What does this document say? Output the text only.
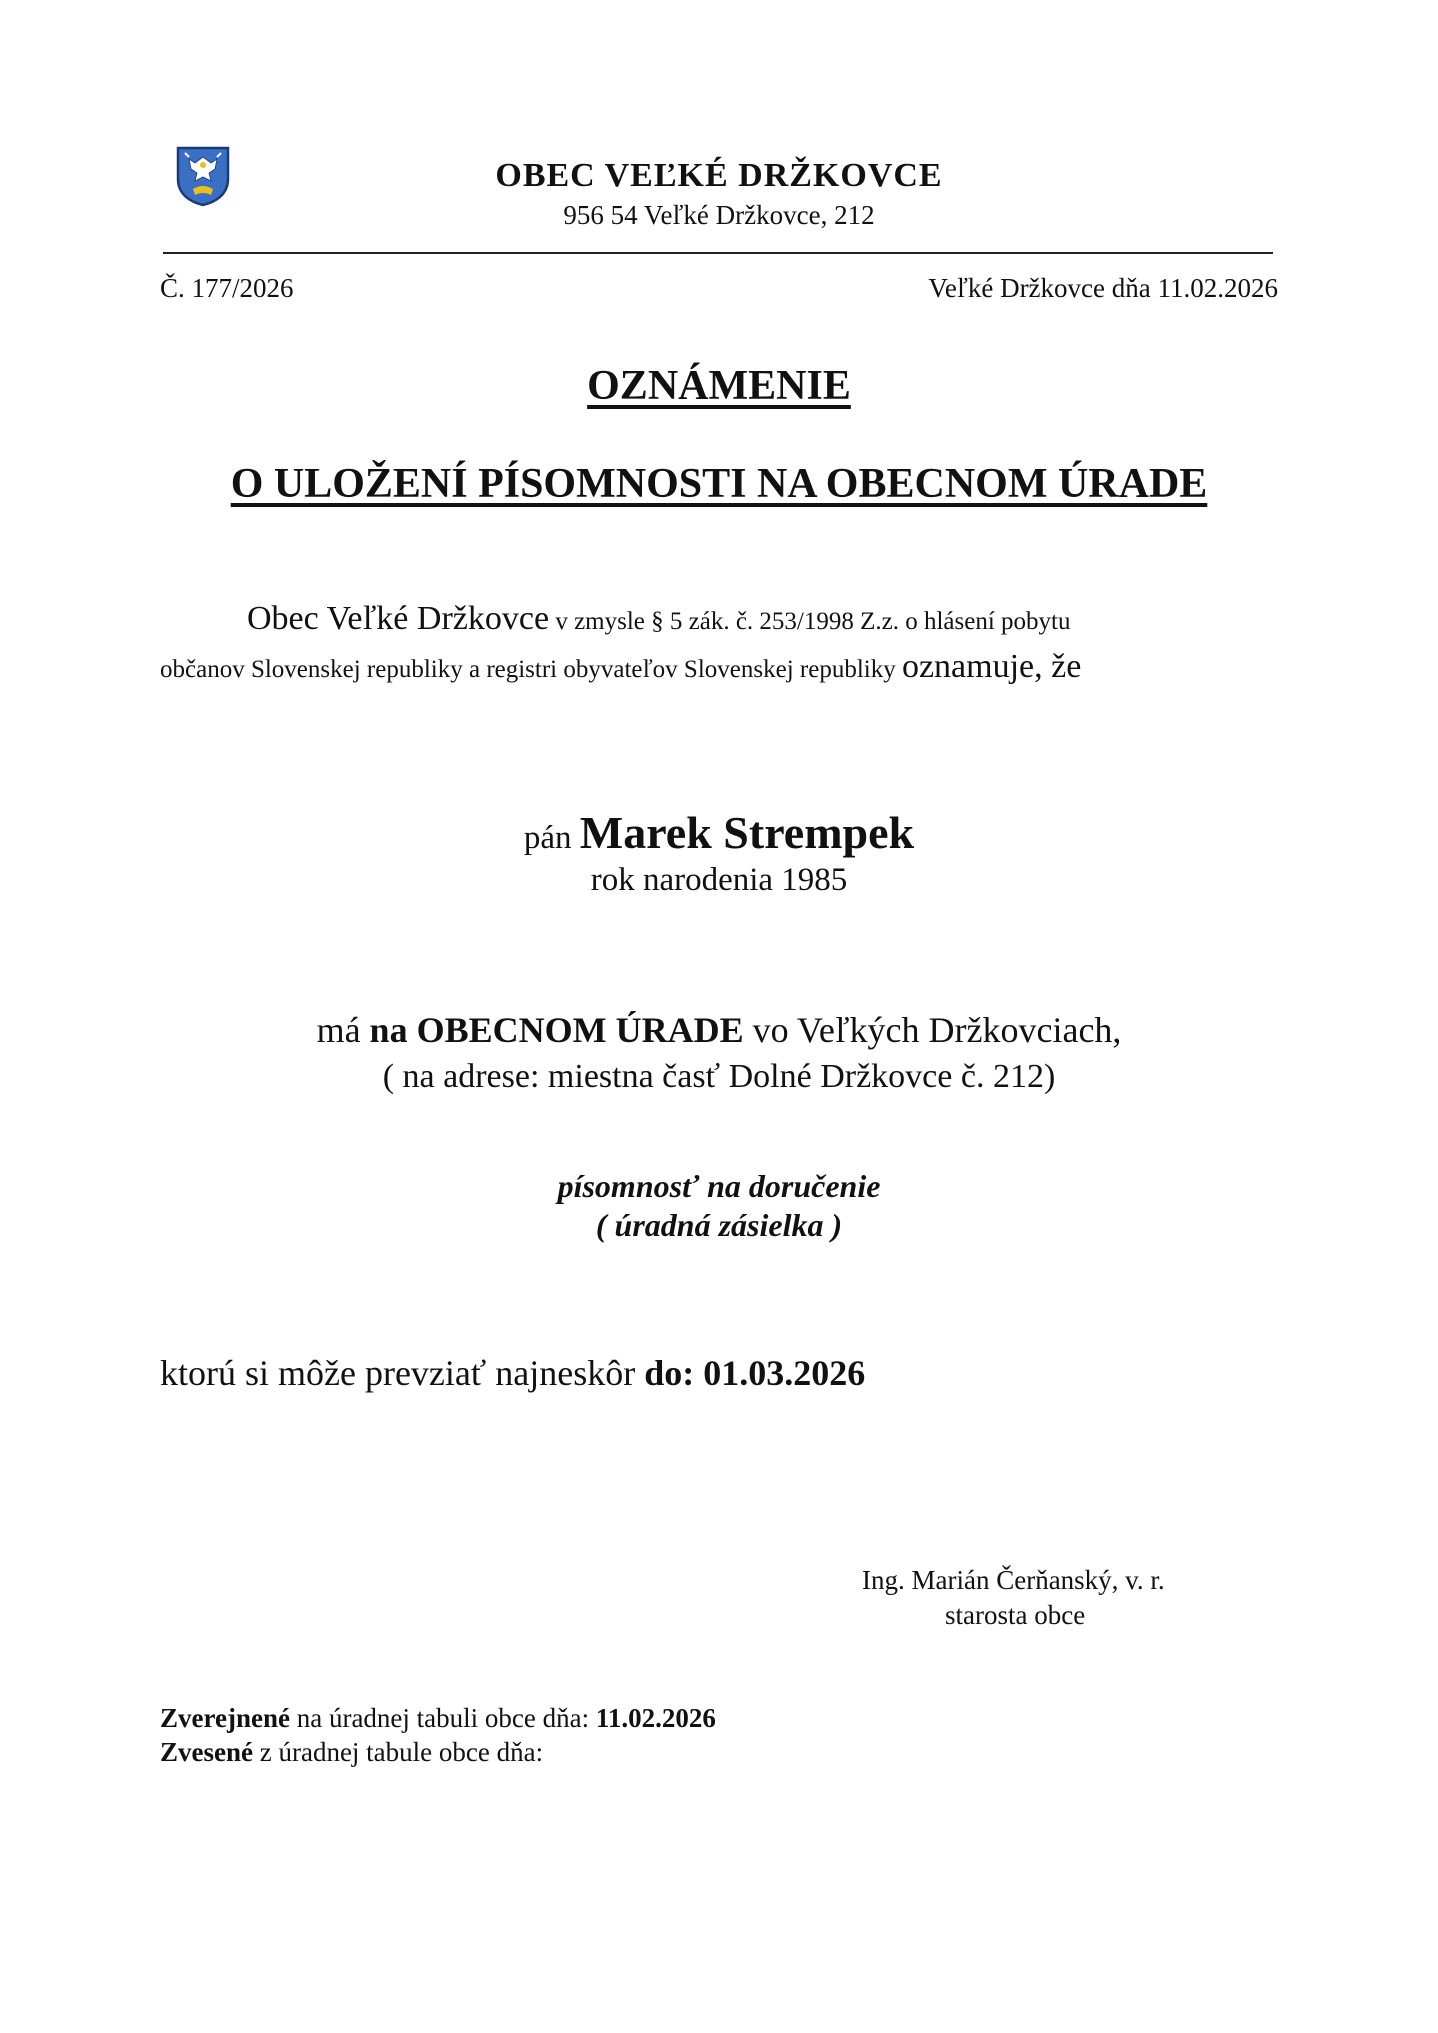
OBEC VEĽKÉ DRŽKOVCE
956 54 Veľké Držkovce, 212
Č. 177/2026	Veľké Držkovce dňa 11.02.2026
OZNÁMENIE
O ULOŽENÍ PÍSOMNOSTI NA OBECNOM ÚRADE
Obec Veľké Držkovce v zmysle § 5 zák. č. 253/1998 Z.z. o hlásení pobytu
občanov Slovenskej republiky a registri obyvateľov Slovenskej republiky oznamuje, že
pán Marek Strempek
rok narodenia 1985
má na OBECNOM ÚRADE vo Veľkých Držkovciach,
( na adrese: miestna časť Dolné Držkovce č. 212)
písomnosť na doručenie
( úradná zásielka )
ktorú si môže prevziať najneskôr do: 01.03.2026
Ing. Marián Čerňanský, v. r.
starosta obce
Zverejnené na úradnej tabuli obce dňa: 11.02.2026
Zvesené z úradnej tabule obce dňa:
